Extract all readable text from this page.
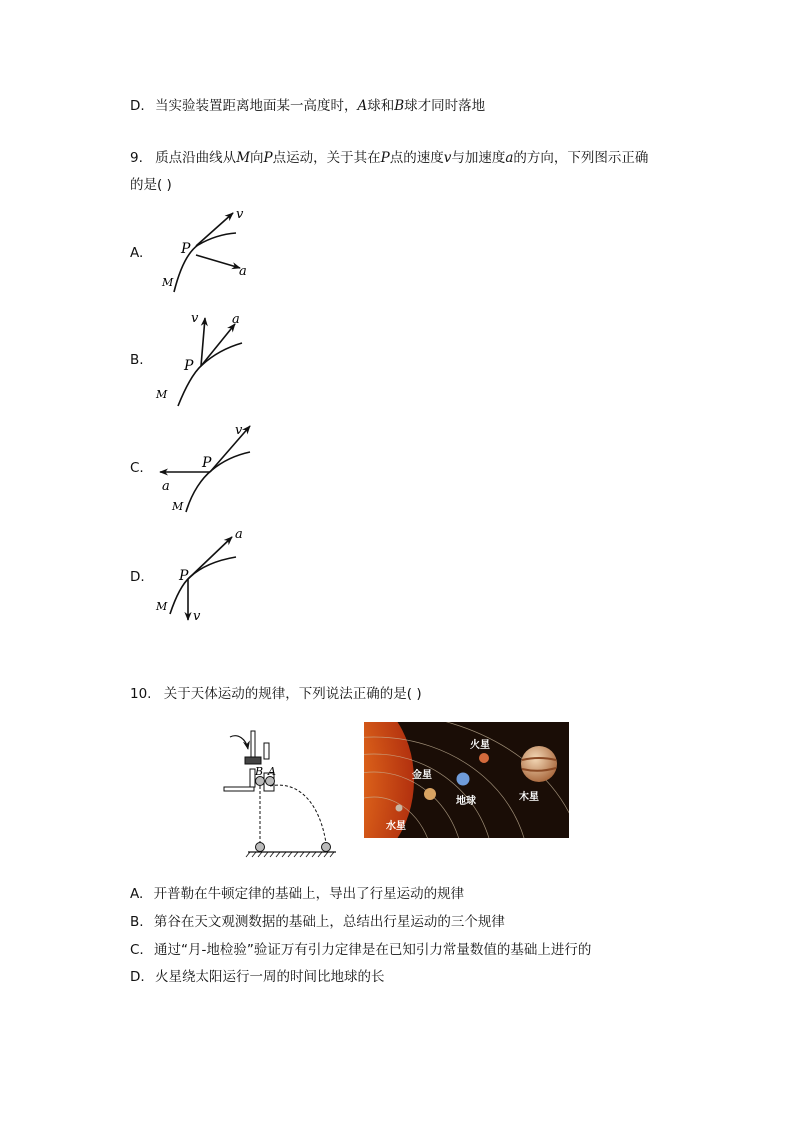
D. 当实验装置距离地面某一高度时，A球和B球才同时落地
9. 质点沿曲线从M向P点运动，关于其在P点的速度v与加速度a的方向，下列图示正确
的是( )
A.	P
M
v
a
B.	P
M
v	a
C.	P
M
v
a
D. P
M
v
a
10. 关于天体运动的规律，下列说法正确的是( )
B A
火星
金星
地球	木星
水星
A. 开普勒在牛顿定律的基础上，导出了行星运动的规律
B. 第谷在天文观测数据的基础上，总结出行星运动的三个规律
C. 通过“月-地检验”验证万有引力定律是在已知引力常量数值的基础上进行的
D. 火星绕太阳运行一周的时间比地球的长
